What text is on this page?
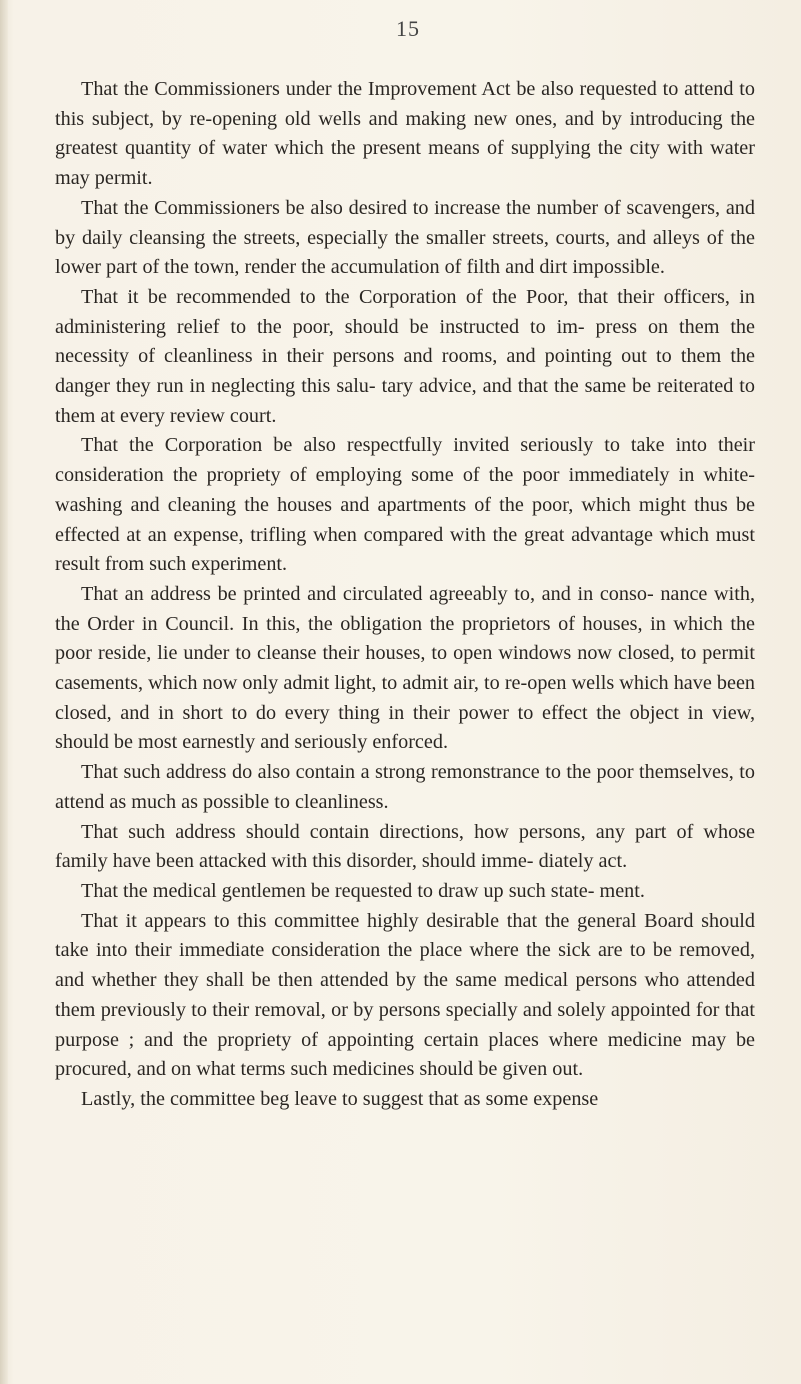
15

That the Commissioners under the Improvement Act be also requested to attend to this subject, by re-opening old wells and making new ones, and by introducing the greatest quantity of water which the present means of supplying the city with water may permit.

That the Commissioners be also desired to increase the number of scavengers, and by daily cleansing the streets, especially the smaller streets, courts, and alleys of the lower part of the town, render the accumulation of filth and dirt impossible.

That it be recommended to the Corporation of the Poor, that their officers, in administering relief to the poor, should be instructed to im- press on them the necessity of cleanliness in their persons and rooms, and pointing out to them the danger they run in neglecting this salu- tary advice, and that the same be reiterated to them at every review court.

That the Corporation be also respectfully invited seriously to take into their consideration the propriety of employing some of the poor immediately in white-washing and cleaning the houses and apartments of the poor, which might thus be effected at an expense, trifling when compared with the great advantage which must result from such experiment.

That an address be printed and circulated agreeably to, and in conso- nance with, the Order in Council. In this, the obligation the proprietors of houses, in which the poor reside, lie under to cleanse their houses, to open windows now closed, to permit casements, which now only admit light, to admit air, to re-open wells which have been closed, and in short to do every thing in their power to effect the object in view, should be most earnestly and seriously enforced.

That such address do also contain a strong remonstrance to the poor themselves, to attend as much as possible to cleanliness.

That such address should contain directions, how persons, any part of whose family have been attacked with this disorder, should imme- diately act.

That the medical gentlemen be requested to draw up such state- ment.

That it appears to this committee highly desirable that the general Board should take into their immediate consideration the place where the sick are to be removed, and whether they shall be then attended by the same medical persons who attended them previously to their removal, or by persons specially and solely appointed for that purpose ; and the propriety of appointing certain places where medicine may be procured, and on what terms such medicines should be given out.

Lastly, the committee beg leave to suggest that as some expense
